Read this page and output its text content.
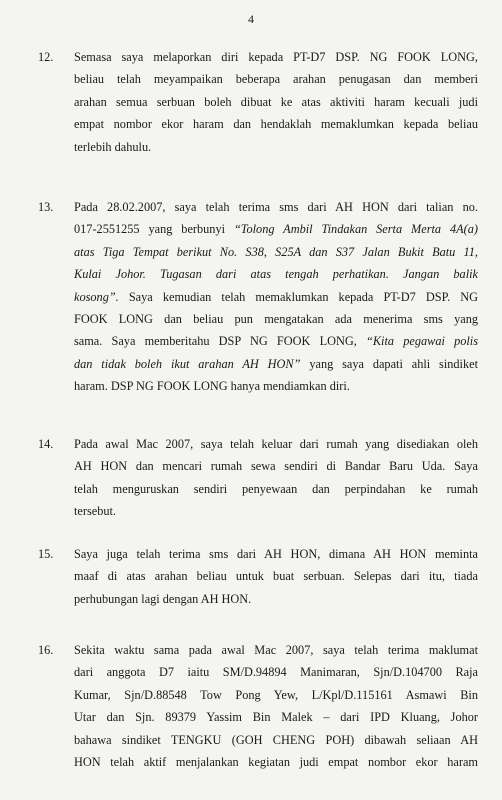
4
12.	Semasa saya melaporkan diri kepada PT-D7 DSP. NG FOOK LONG,
beliau telah meyampaikan beberapa arahan penugasan dan memberi
arahan semua serbuan boleh dibuat ke atas aktiviti haram kecuali judi
empat nombor ekor haram dan hendaklah memaklumkan kepada beliau
terlebih dahulu.
13.	Pada 28.02.2007, saya telah terima sms dari AH HON dari talian no.
017-2551255 yang berbunyi “Tolong Ambil Tindakan Serta Merta 4A(a)
atas Tiga Tempat berikut No. S38, S25A dan S37 Jalan Bukit Batu 11,
Kulai Johor. Tugasan dari atas tengah perhatikan. Jangan balik
kosong”. Saya kemudian telah memaklumkan kepada PT-D7 DSP. NG
FOOK LONG dan beliau pun mengatakan ada menerima sms yang
sama. Saya memberitahu DSP NG FOOK LONG, “Kita pegawai polis
dan tidak boleh ikut arahan AH HON” yang saya dapati ahli sindiket
haram. DSP NG FOOK LONG hanya mendiamkan diri.
14.	Pada awal Mac 2007, saya telah keluar dari rumah yang disediakan oleh
AH HON dan mencari rumah sewa sendiri di Bandar Baru Uda. Saya
telah menguruskan sendiri penyewaan dan perpindahan ke rumah
tersebut.
15.	Saya juga telah terima sms dari AH HON, dimana AH HON meminta
maaf di atas arahan beliau untuk buat serbuan. Selepas dari itu, tiada
perhubungan lagi dengan AH HON.
16.	Sekita waktu sama pada awal Mac 2007, saya telah terima maklumat
dari anggota D7 iaitu SM/D.94894 Manimaran, Sjn/D.104700 Raja
Kumar, Sjn/D.88548 Tow Pong Yew, L/Kpl/D.115161 Asmawi Bin
Utar dan Sjn. 89379 Yassim Bin Malek – dari IPD Kluang, Johor
bahawa sindiket TENGKU (GOH CHENG POH) dibawah seliaan AH
HON telah aktif menjalankan kegiatan judi empat nombor ekor haram
